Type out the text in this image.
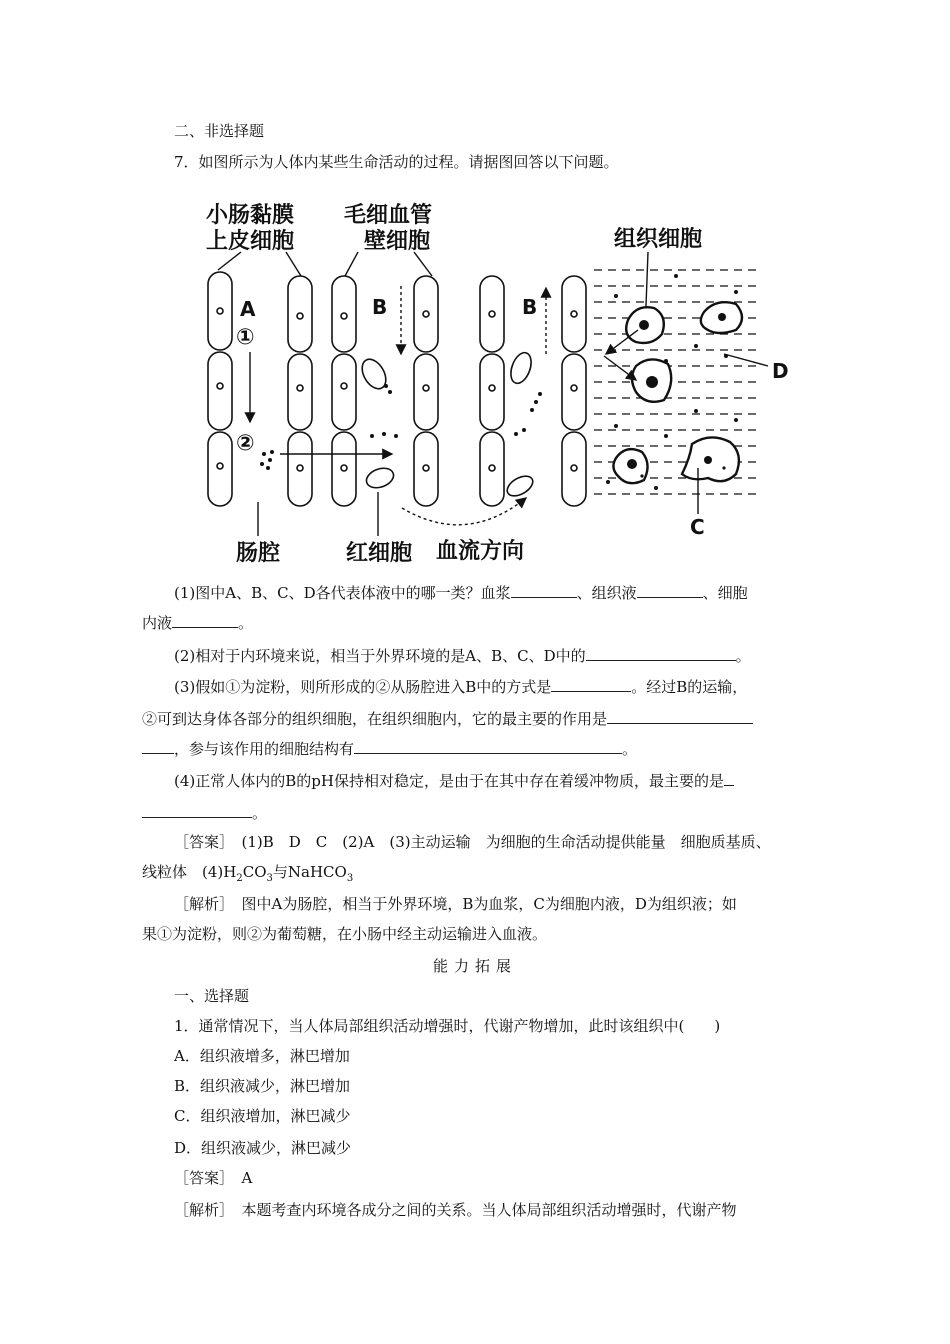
二、非选择题
7．如图所示为人体内某些生命活动的过程。请据图回答以下问题。
小肠黏膜
上皮细胞
毛细血管
壁细胞	组织细胞
A
①
②
B	B
D
C
肠腔	红细胞 血流方向
(1)图中A、B、C、D各代表体液中的哪一类？血浆	、组织液	、细胞
内液	。
(2)相对于内环境来说，相当于外界环境的是A、B、C、D中的	。
(3)假如①为淀粉，则所形成的②从肠腔进入B中的方式是	。经过B的运输，
②可到达身体各部分的组织细胞，在组织细胞内，它的最主要的作用是
，参与该作用的细胞结构有	。
(4)正常人体内的B的pH保持相对稳定，是由于在其中存在着缓冲物质，最主要的是
。
［答案］　(1)B　D　C　(2)A　(3)主动运输　为细胞的生命活动提供能量　细胞质基质、
线粒体　$(4)H_2CO_3$与NaHCO$_3$
［解析］　图中A为肠腔，相当于外界环境，B为血浆，C为细胞内液，D为组织液；如
果①为淀粉，则②为葡萄糖，在小肠中经主动运输进入血液。
能力拓展
一、选择题
1．通常情况下，当人体局部组织活动增强时，代谢产物增加，此时该组织中(　　)
A．组织液增多，淋巴增加
B．组织液减少，淋巴增加
C．组织液增加，淋巴减少
D．组织液减少，淋巴减少
［答案］　A
［解析］　本题考查内环境各成分之间的关系。当人体局部组织活动增强时，代谢产物
